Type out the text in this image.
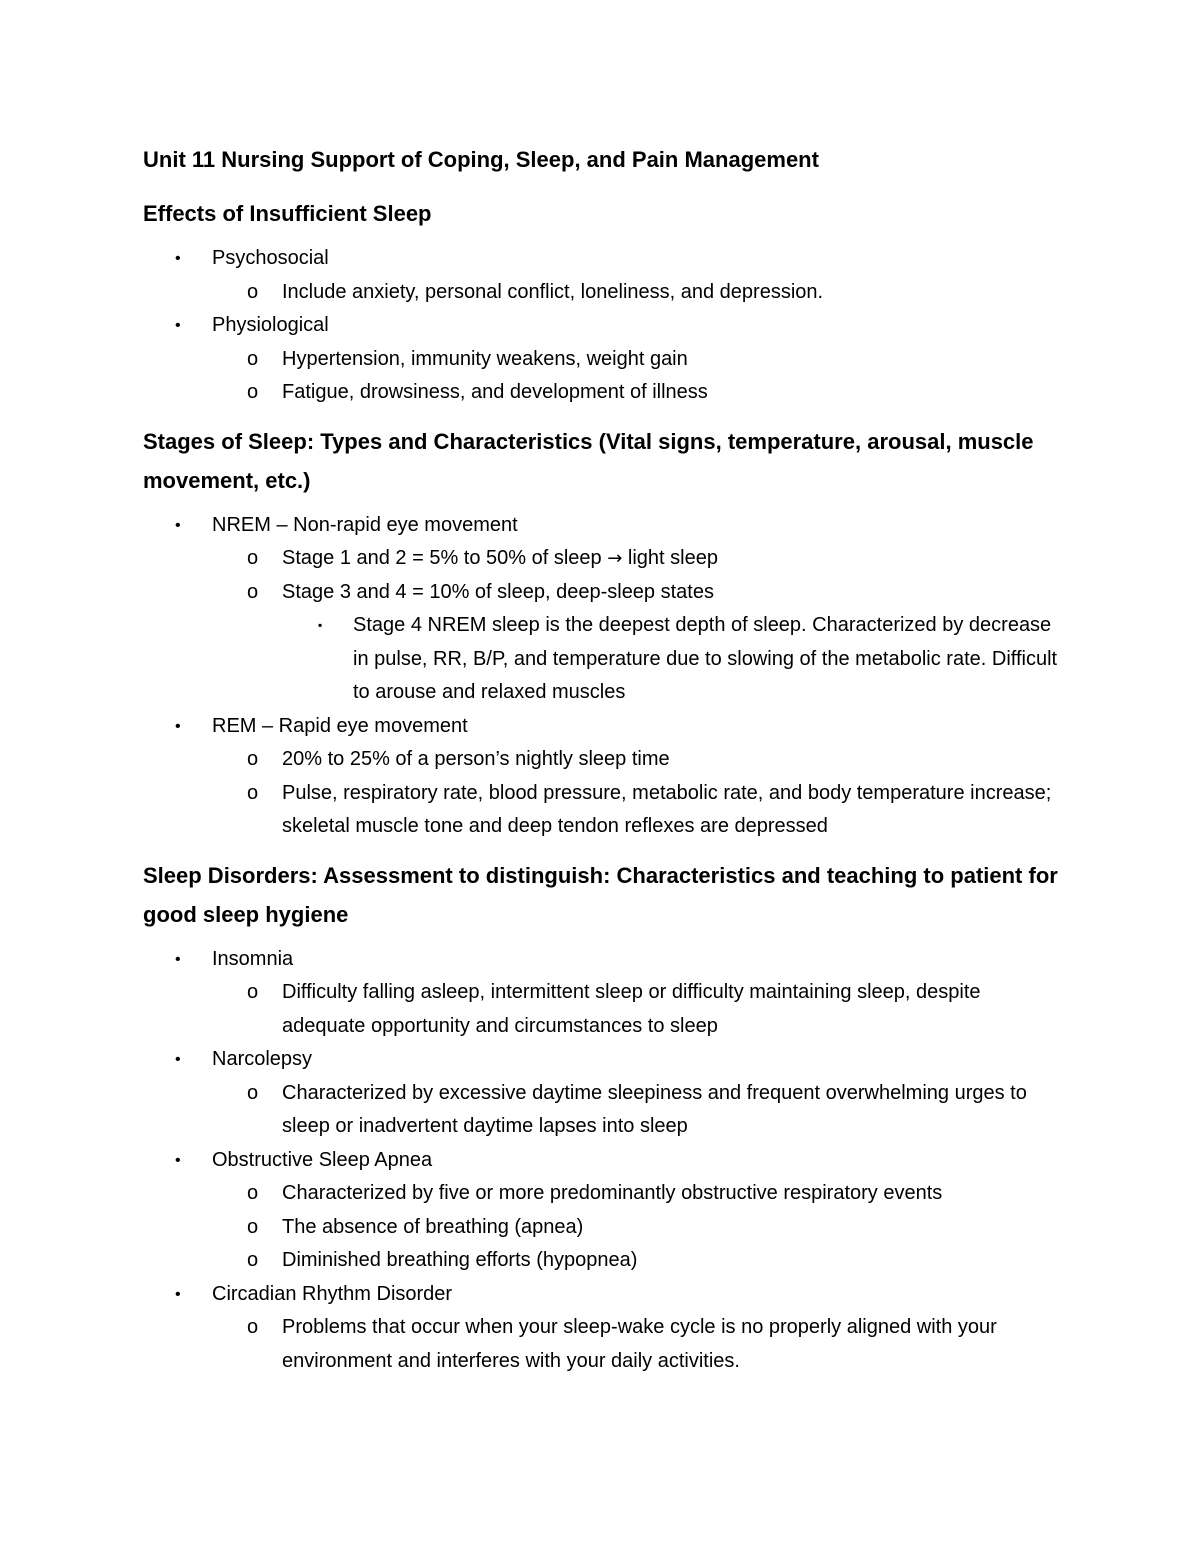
Unit 11 Nursing Support of Coping, Sleep, and Pain Management
Effects of Insufficient Sleep
•	Psychosocial
o Include anxiety, personal conflict, loneliness, and depression.
•	Physiological
o Hypertension, immunity weakens, weight gain
o Fatigue, drowsiness, and development of illness
Stages of Sleep: Types and Characteristics (Vital signs, temperature, arousal, muscle movement, etc.)
•	NREM – Non-rapid eye movement
o Stage 1 and 2 = 5% to 50% of sleep → light sleep
o Stage 3 and 4 = 10% of sleep, deep-sleep states
▪ Stage 4 NREM sleep is the deepest depth of sleep. Characterized by decrease in pulse, RR, B/P, and temperature due to slowing of the metabolic rate. Difficult to arouse and relaxed muscles
•	REM – Rapid eye movement
o 20% to 25% of a person’s nightly sleep time
o Pulse, respiratory rate, blood pressure, metabolic rate, and body temperature increase; skeletal muscle tone and deep tendon reflexes are depressed
Sleep Disorders: Assessment to distinguish: Characteristics and teaching to patient for good sleep hygiene
•	Insomnia
o Difficulty falling asleep, intermittent sleep or difficulty maintaining sleep, despite adequate opportunity and circumstances to sleep
•	Narcolepsy
o Characterized by excessive daytime sleepiness and frequent overwhelming urges to sleep or inadvertent daytime lapses into sleep
•	Obstructive Sleep Apnea
o Characterized by five or more predominantly obstructive respiratory events
o The absence of breathing (apnea)
o Diminished breathing efforts (hypopnea)
•	Circadian Rhythm Disorder
o Problems that occur when your sleep-wake cycle is no properly aligned with your environment and interferes with your daily activities.
